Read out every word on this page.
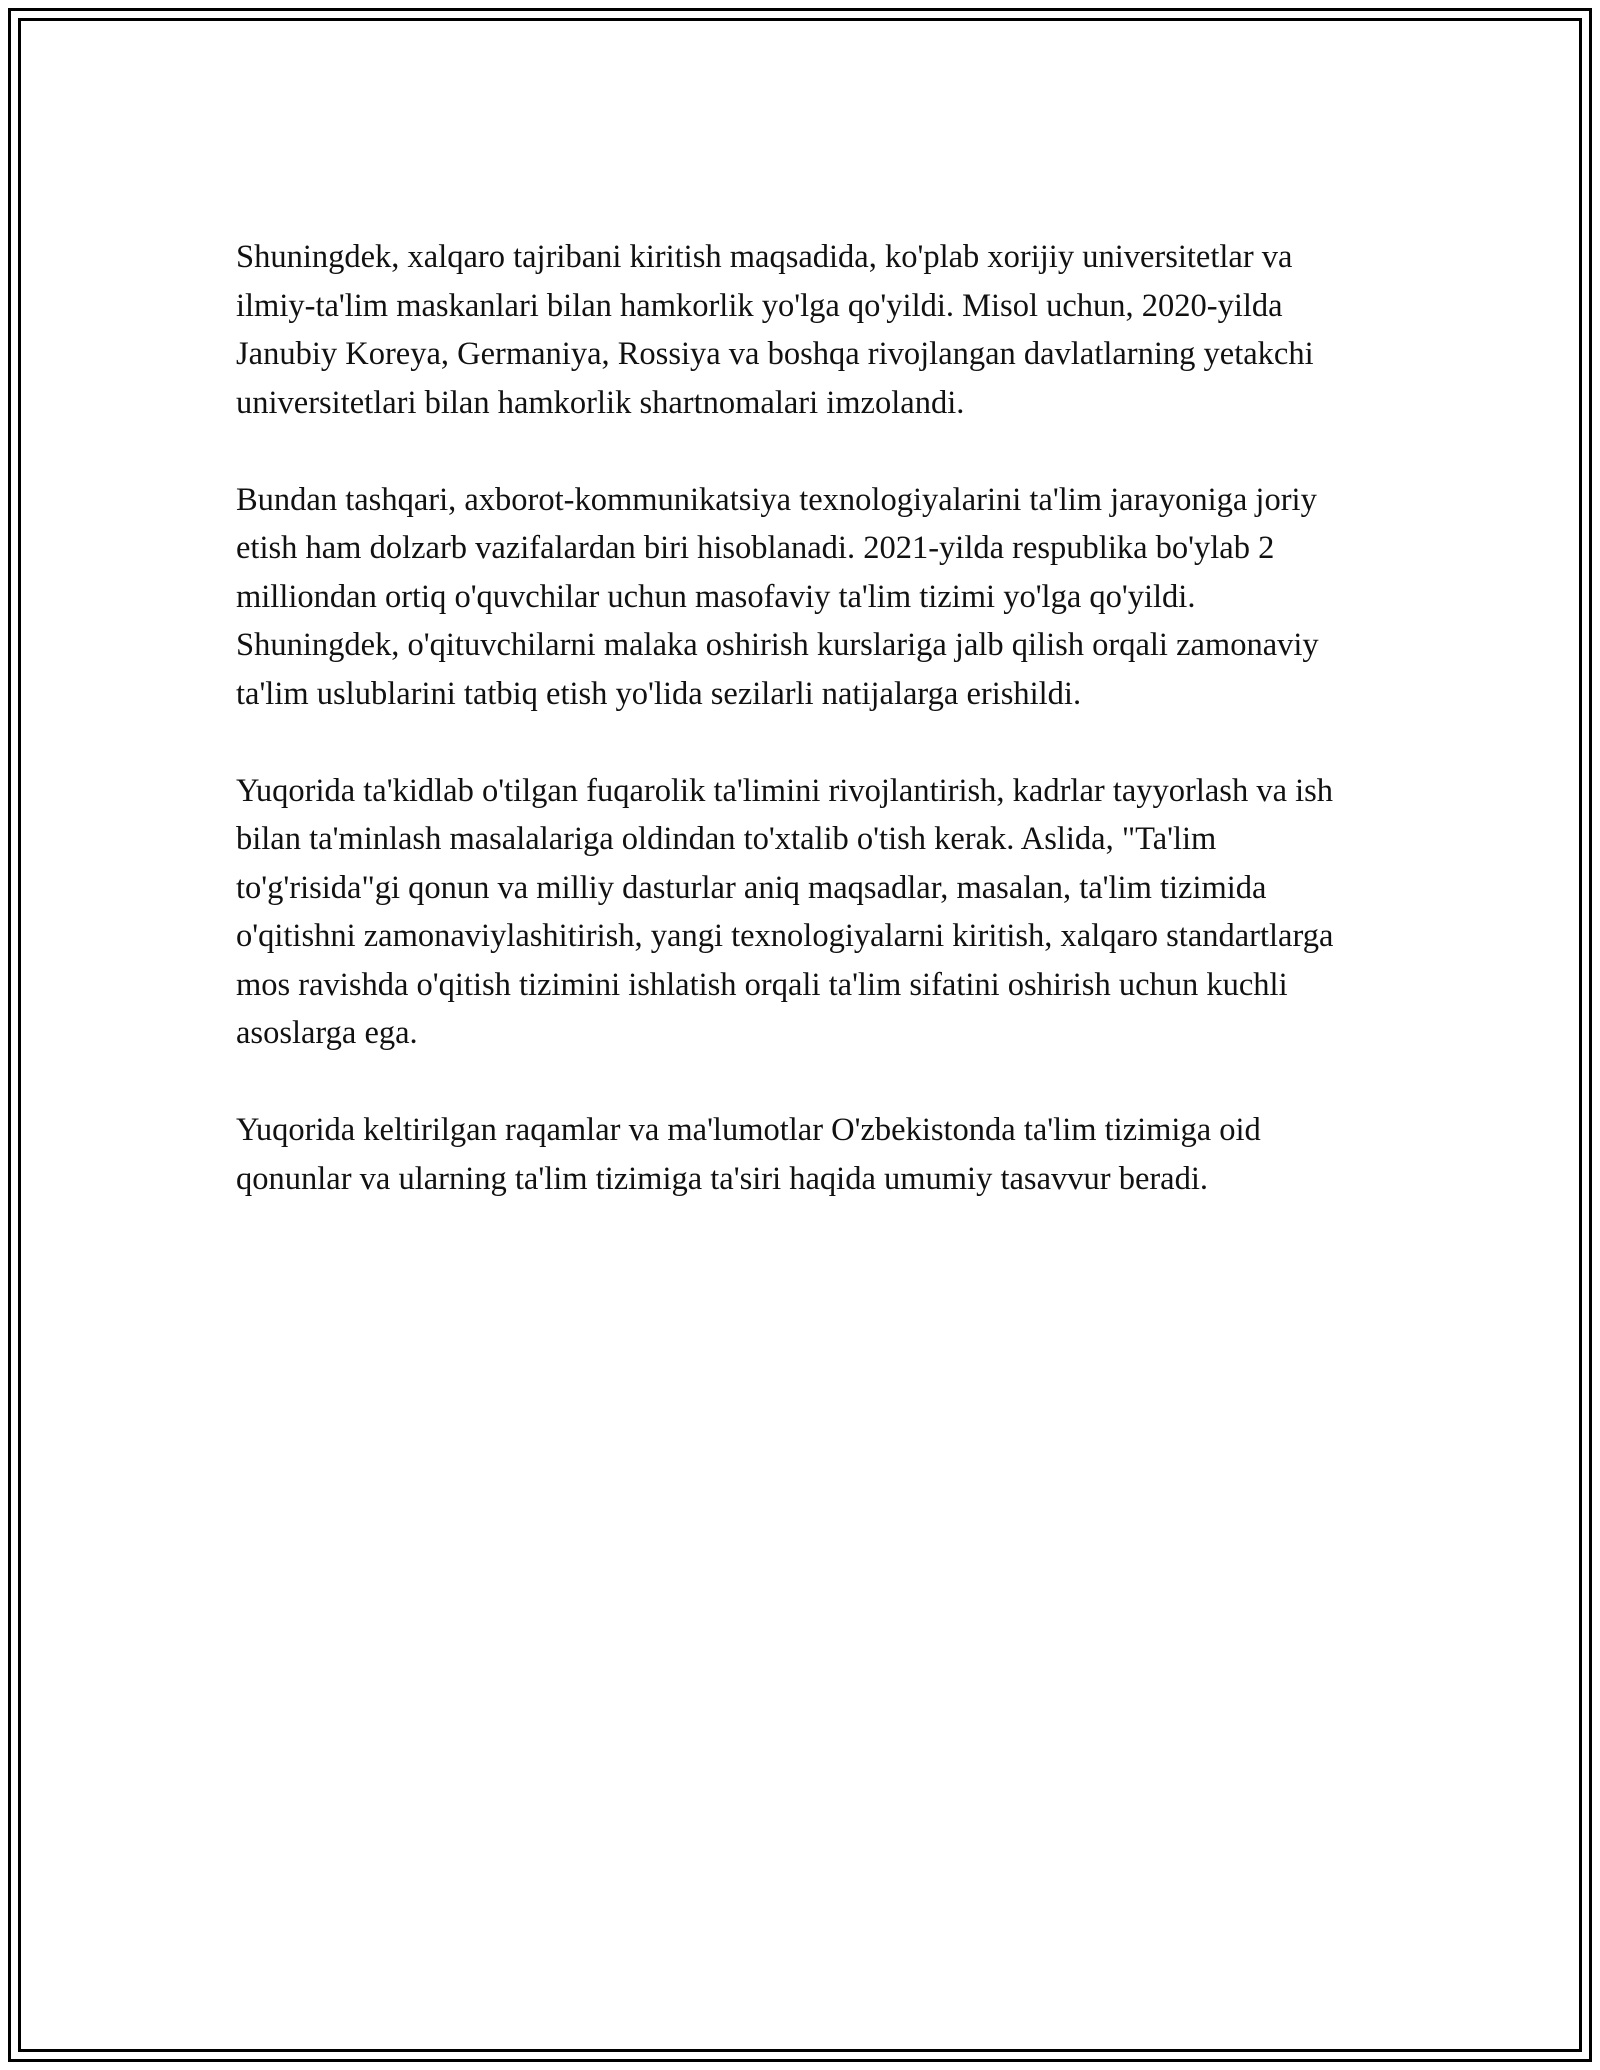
Shuningdek, xalqaro tajribani kiritish maqsadida, ko'plab xorijiy universitetlar va ilmiy-ta'lim maskanlari bilan hamkorlik yo'lga qo'yildi. Misol uchun, 2020-yilda Janubiy Koreya, Germaniya, Rossiya va boshqa rivojlangan davlatlarning yetakchi universitetlari bilan hamkorlik shartnomalari imzolandi.

Bundan tashqari, axborot-kommunikatsiya texnologiyalarini ta'lim jarayoniga joriy etish ham dolzarb vazifalardan biri hisoblanadi. 2021-yilda respublika bo'ylab 2 milliondan ortiq o'quvchilar uchun masofaviy ta'lim tizimi yo'lga qo'yildi. Shuningdek, o'qituvchilarni malaka oshirish kurslariga jalb qilish orqali zamonaviy ta'lim uslublarini tatbiq etish yo'lida sezilarli natijalarga erishildi.

Yuqorida ta'kidlab o'tilgan fuqarolik ta'limini rivojlantirish, kadrlar tayyorlash va ish bilan ta'minlash masalalariga oldindan to'xtalib o'tish kerak. Aslida, "Ta'lim to'g'risida"gi qonun va milliy dasturlar aniq maqsadlar, masalan, ta'lim tizimida o'qitishni zamonaviylashitirish, yangi texnologiyalarni kiritish, xalqaro standartlarga mos ravishda o'qitish tizimini ishlatish orqali ta'lim sifatini oshirish uchun kuchli asoslarga ega.

Yuqorida keltirilgan raqamlar va ma'lumotlar O'zbekistonda ta'lim tizimiga oid qonunlar va ularning ta'lim tizimiga ta'siri haqida umumiy tasavvur beradi.
